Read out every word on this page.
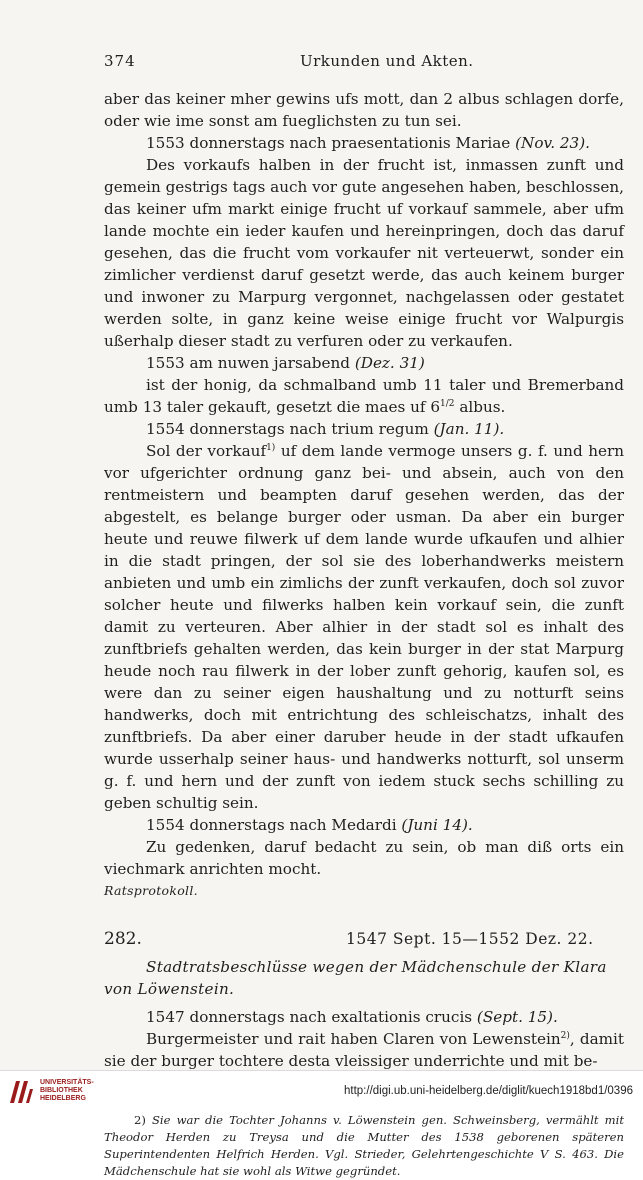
374	Urkunden und Akten.

aber das keiner mher gewins ufs mott, dan 2 albus schlagen dorfe, oder wie ime sonst am fueglichsten zu tun sei.

1553 donnerstags nach praesentationis Mariae (Nov. 23).

Des vorkaufs halben in der frucht ist, inmassen zunft und gemein gestrigs tags auch vor gute angesehen haben, beschlossen, das keiner ufm markt einige frucht uf vorkauf sammele, aber ufm lande mochte ein ieder kaufen und hereinpringen, doch das daruf gesehen, das die frucht vom vorkaufer nit verteuerwt, sonder ein zimlicher verdienst daruf gesetzt werde, das auch keinem burger und inwoner zu Marpurg vergonnet, nachgelassen oder gestatet werden solte, in ganz keine weise einige frucht vor Walpurgis ußerhalp dieser stadt zu verfuren oder zu verkaufen.

1553 am nuwen jarsabend (Dez. 31)

ist der honig, da schmalband umb 11 taler und Bremerband umb 13 taler gekauft, gesetzt die maes uf $6^{1/2}$ albus.

1554 donnerstags nach trium regum (Jan. 11).

Sol der vorkauf$^{1)}$ uf dem lande vermoge unsers g. f. und hern vor ufgerichter ordnung ganz bei- und absein, auch von den rentmeistern und beampten daruf gesehen werden, das der abgestelt, es belange burger oder usman. Da aber ein burger heute und reuwe filwerk uf dem lande wurde ufkaufen und alhier in die stadt pringen, der sol sie des loberhandwerks meistern anbieten und umb ein zimlichs der zunft verkaufen, doch sol zuvor solcher heute und filwerks halben kein vorkauf sein, die zunft damit zu verteuren. Aber alhier in der stadt sol es inhalt des zunftbriefs gehalten werden, das kein burger in der stat Marpurg heude noch rau filwerk in der lober zunft gehorig, kaufen sol, es were dan zu seiner eigen haushaltung und zu notturft seins handwerks, doch mit entrichtung des schleischatzs, inhalt des zunftbriefs. Da aber einer daruber heude in der stadt ufkaufen wurde usserhalp seiner haus- und handwerks notturft, sol unserm g. f. und hern und der zunft von iedem stuck sechs schilling zu geben schultig sein.

1554 donnerstags nach Medardi (Juni 14).

Zu gedenken, daruf bedacht zu sein, ob man diß orts ein viechmark anrichten mocht.

Ratsprotokoll.

282.	1547 Sept. 15—1552 Dez. 22.
Stadtratsbeschlüsse wegen der Mädchenschule der Klara
von Löwenstein.

1547 donnerstags nach exaltationis crucis (Sept. 15).

Burgermeister und rait haben Claren von Lewenstein$^{2)}$, damit sie der burger tochtere desta vleissiger underrichte und mit be-

2) Sie war die Tochter Johanns v. Löwenstein gen. Schweinsberg, vermählt mit Theodor Herden zu Treysa und die Mutter des 1538 geborenen späteren Superintendenten Helfrich Herden. Vgl. Strieder, Gelehrtengeschichte V S. 463. Die Mädchenschule hat sie wohl als Witwe gegründet.

UNIVERSITÄTS-
BIBLIOTHEK
HEIDELBERG
http://digi.ub.uni-heidelberg.de/diglit/kuech1918bd1/0396
